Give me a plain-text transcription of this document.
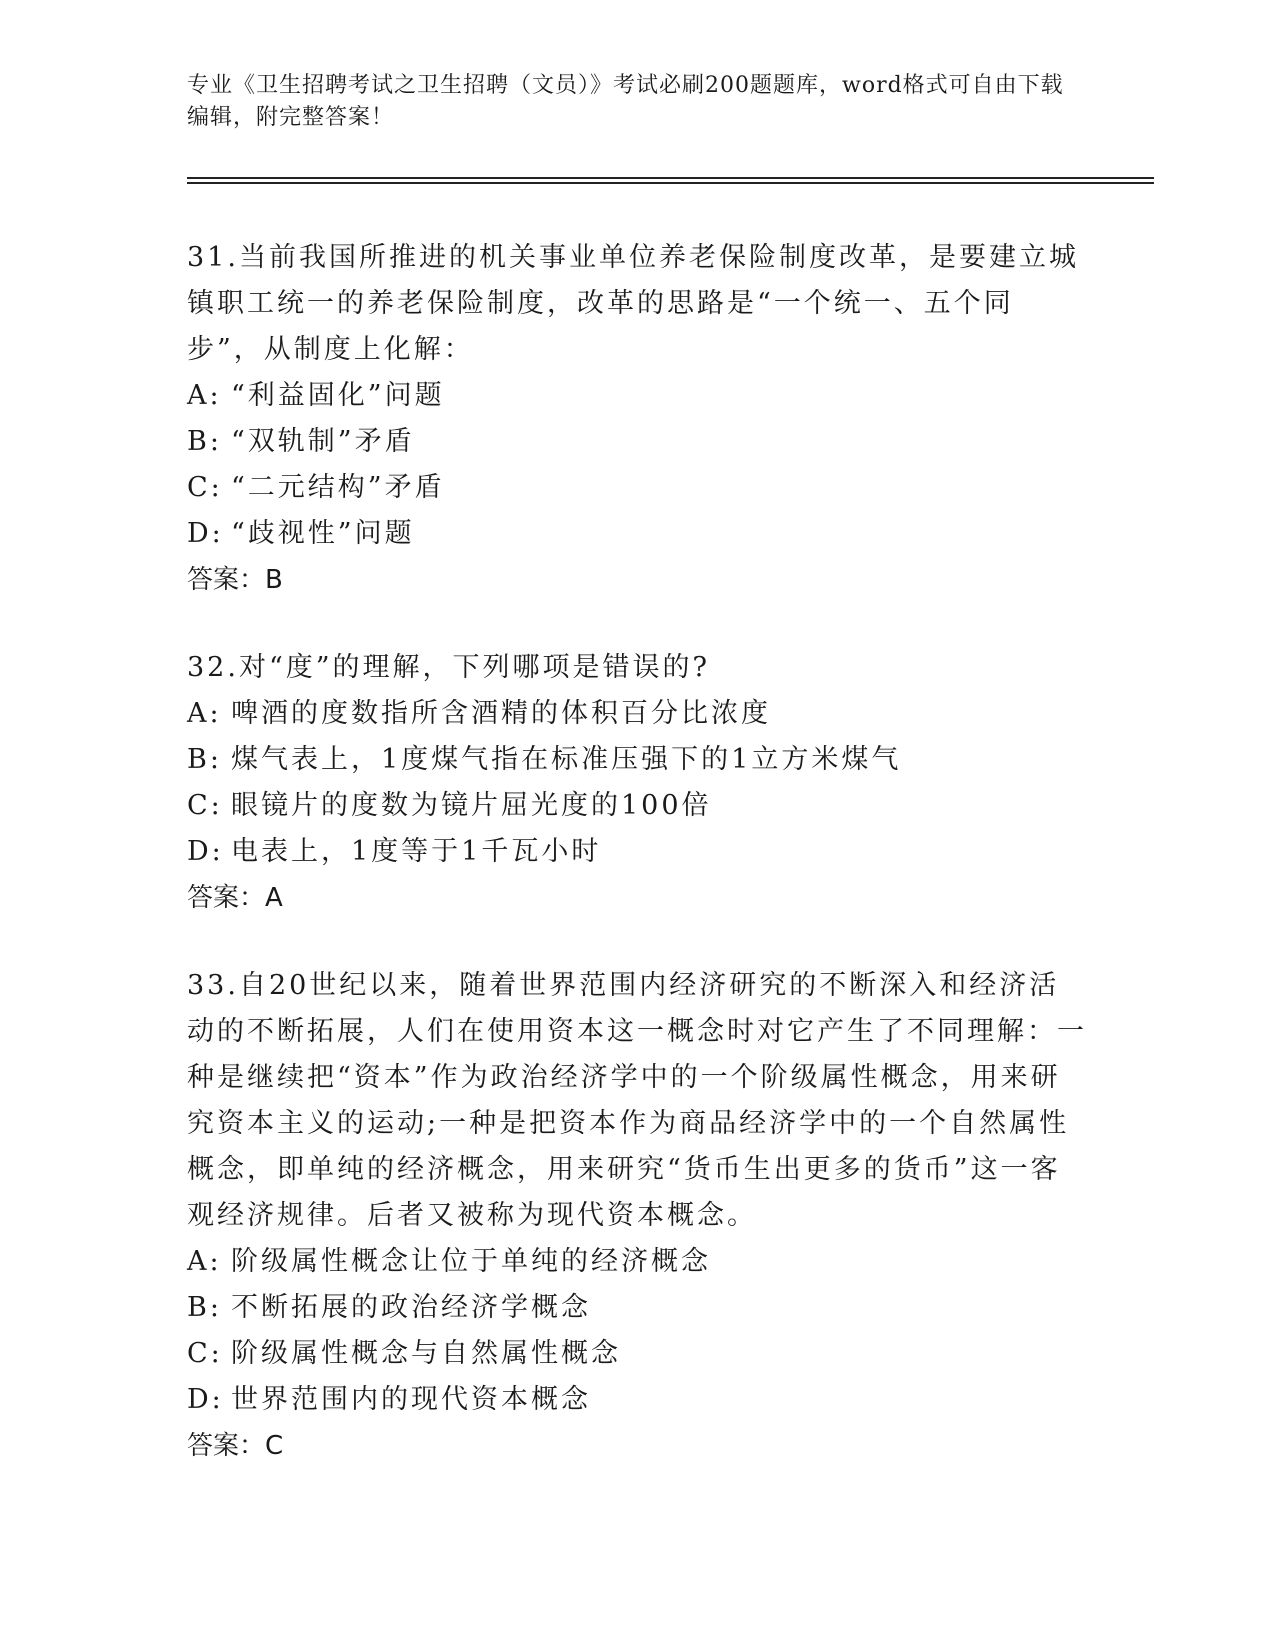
专业《卫生招聘考试之卫生招聘（文员）》考试必刷200题题库，word格式可自由下载编辑，附完整答案！

31.当前我国所推进的机关事业单位养老保险制度改革，是要建立城镇职工统一的养老保险制度，改革的思路是“一个统一、五个同步”，从制度上化解：

A: “利益固化”问题

B: “双轨制”矛盾

C: “二元结构”矛盾

D: “歧视性”问题

答案：B

32.对“度”的理解，下列哪项是错误的?

A: 啤酒的度数指所含酒精的体积百分比浓度

B: 煤气表上，1度煤气指在标准压强下的1立方米煤气

C: 眼镜片的度数为镜片屈光度的100倍

D: 电表上，1度等于1千瓦小时

答案：A

33.自20世纪以来，随着世界范围内经济研究的不断深入和经济活动的不断拓展，人们在使用资本这一概念时对它产生了不同理解：一种是继续把“资本”作为政治经济学中的一个阶级属性概念，用来研究资本主义的运动;一种是把资本作为商品经济学中的一个自然属性概念，即单纯的经济概念，用来研究“货币生出更多的货币”这一客观经济规律。后者又被称为现代资本概念。

A: 阶级属性概念让位于单纯的经济概念

B: 不断拓展的政治经济学概念

C: 阶级属性概念与自然属性概念

D: 世界范围内的现代资本概念

答案：C
